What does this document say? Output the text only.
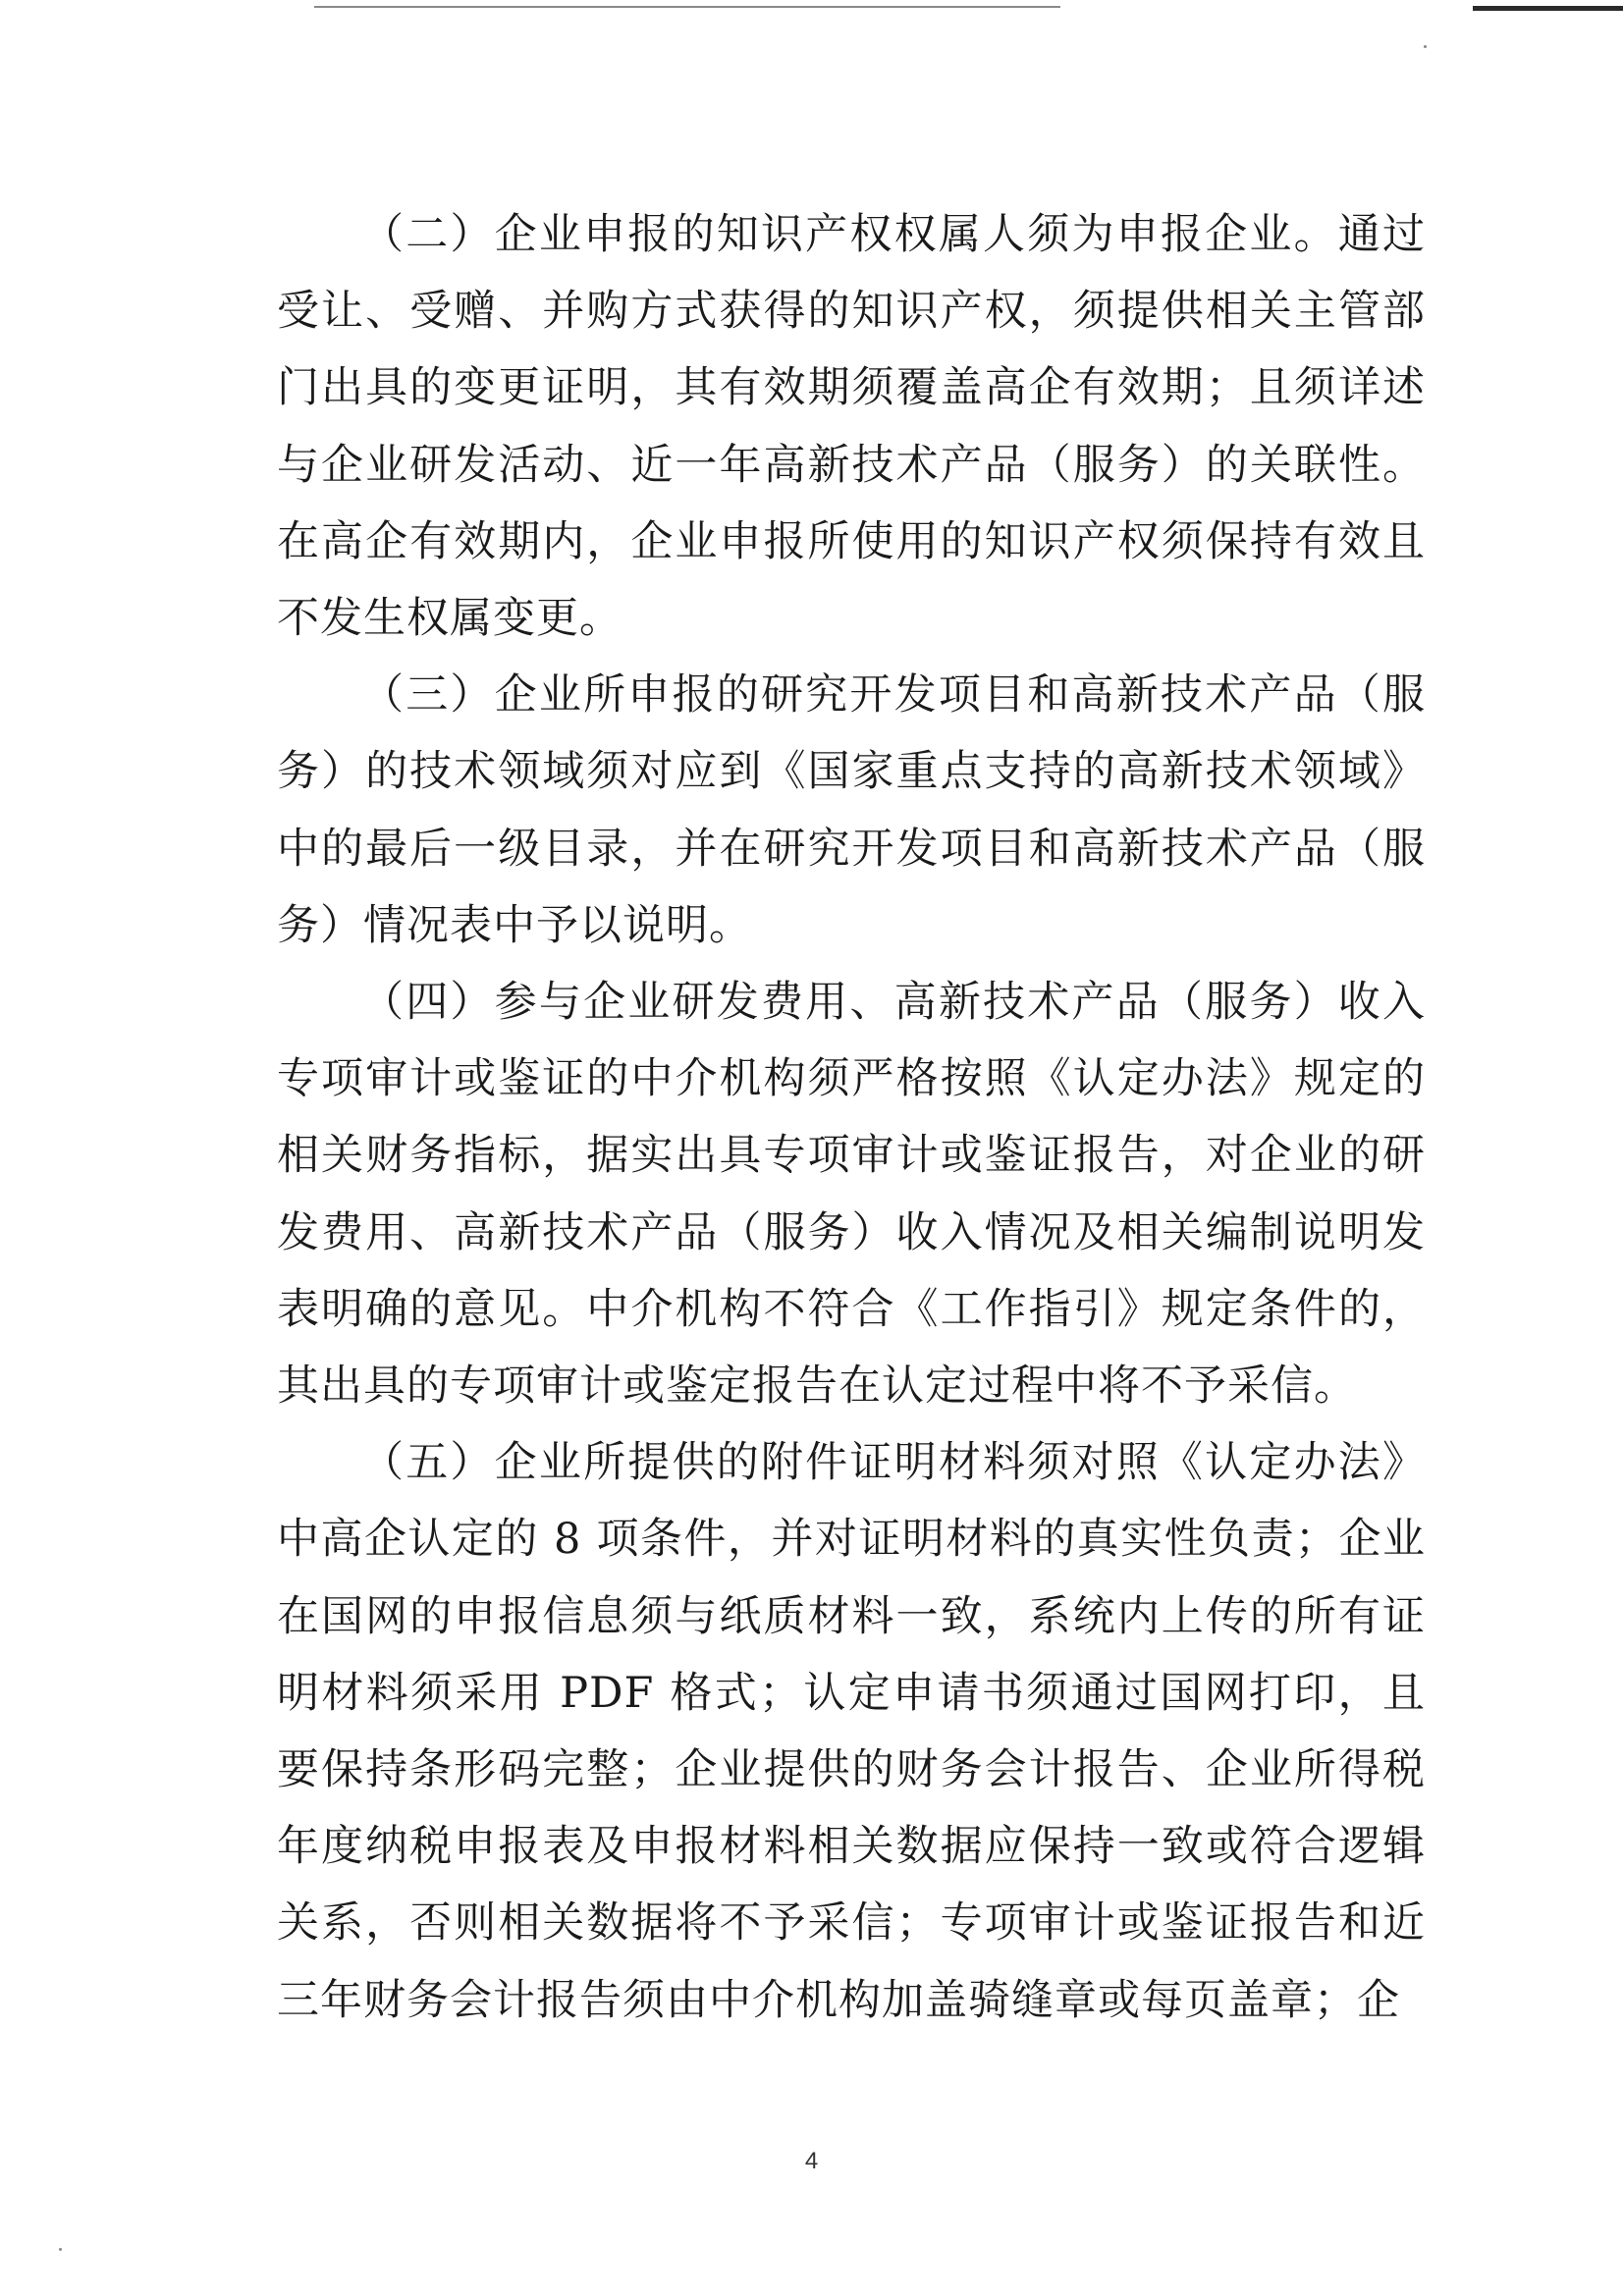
（二）企业申报的知识产权权属人须为申报企业。通过受让、受赠、并购方式获得的知识产权，须提供相关主管部门出具的变更证明，其有效期须覆盖高企有效期；且须详述与企业研发活动、近一年高新技术产品（服务）的关联性。在高企有效期内，企业申报所使用的知识产权须保持有效且不发生权属变更。

（三）企业所申报的研究开发项目和高新技术产品（服务）的技术领域须对应到《国家重点支持的高新技术领域》中的最后一级目录，并在研究开发项目和高新技术产品（服务）情况表中予以说明。

（四）参与企业研发费用、高新技术产品（服务）收入专项审计或鉴证的中介机构须严格按照《认定办法》规定的相关财务指标，据实出具专项审计或鉴证报告，对企业的研发费用、高新技术产品（服务）收入情况及相关编制说明发表明确的意见。中介机构不符合《工作指引》规定条件的，其出具的专项审计或鉴定报告在认定过程中将不予采信。

（五）企业所提供的附件证明材料须对照《认定办法》中高企认定的 8 项条件，并对证明材料的真实性负责；企业在国网的申报信息须与纸质材料一致，系统内上传的所有证明材料须采用 PDF 格式；认定申请书须通过国网打印，且要保持条形码完整；企业提供的财务会计报告、企业所得税年度纳税申报表及申报材料相关数据应保持一致或符合逻辑关系，否则相关数据将不予采信；专项审计或鉴证报告和近三年财务会计报告须由中介机构加盖骑缝章或每页盖章；企

4
